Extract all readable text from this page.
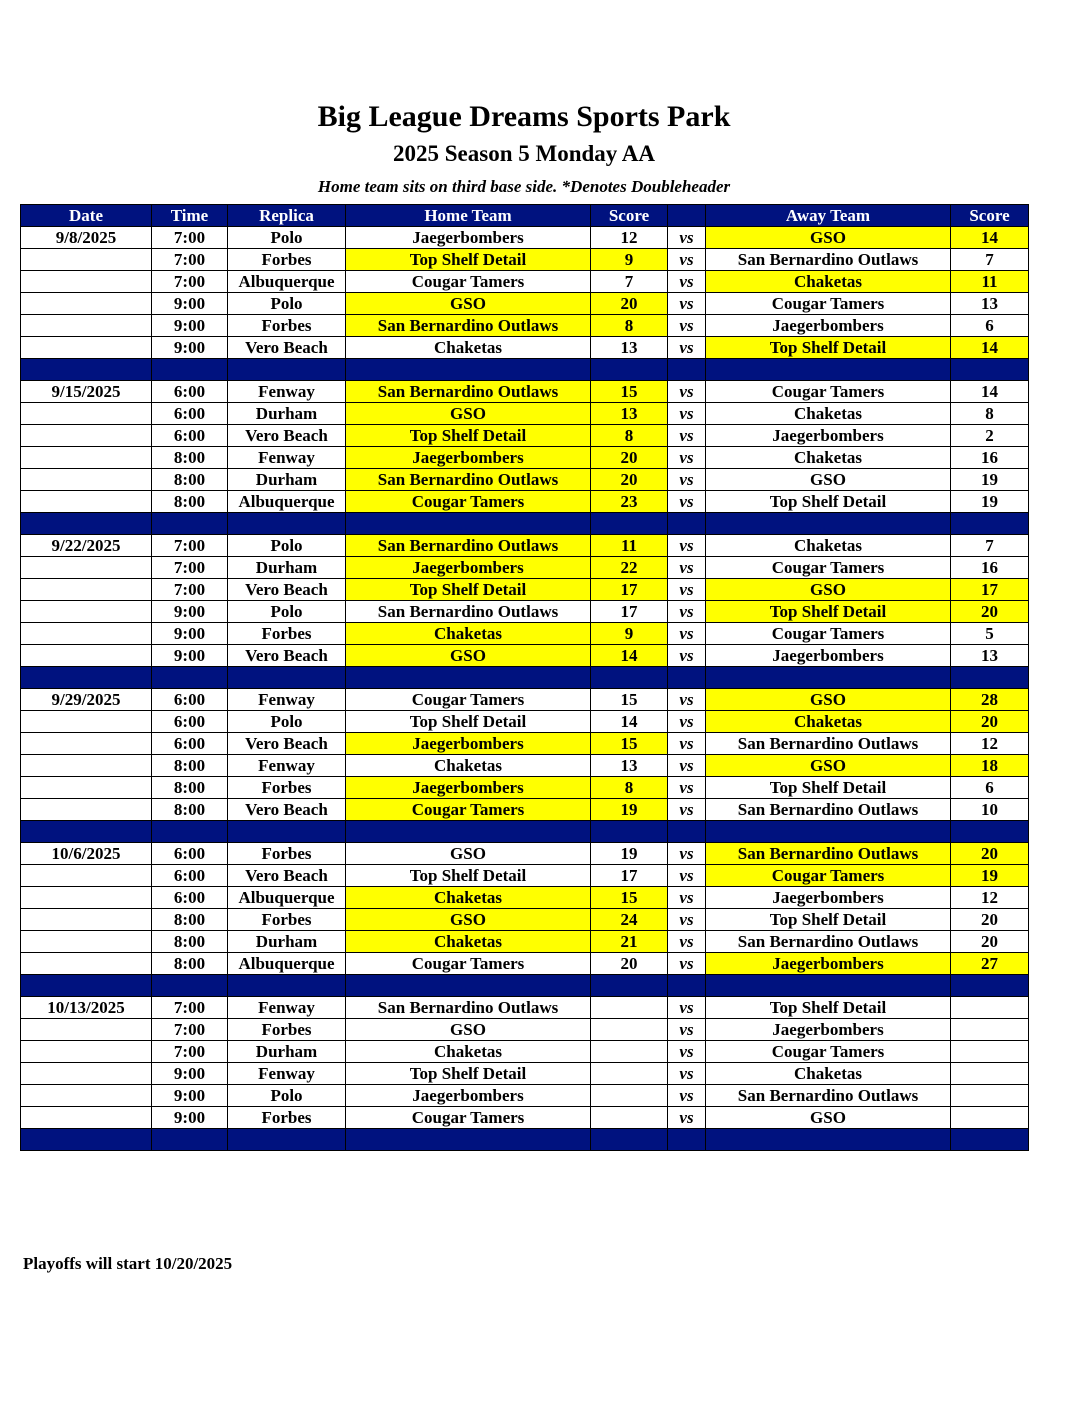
Big League Dreams Sports Park
2025 Season 5 Monday AA
Home team sits on third base side. *Denotes Doubleheader
Date	Time	Replica	Home Team	Score		Away Team	Score
9/8/2025	7:00	Polo	Jaegerbombers	12	vs	GSO	14
	7:00	Forbes	Top Shelf Detail	9	vs	San Bernardino Outlaws	7
	7:00	Albuquerque	Cougar Tamers	7	vs	Chaketas	11
	9:00	Polo	GSO	20	vs	Cougar Tamers	13
	9:00	Forbes	San Bernardino Outlaws	8	vs	Jaegerbombers	6
	9:00	Vero Beach	Chaketas	13	vs	Top Shelf Detail	14

9/15/2025	6:00	Fenway	San Bernardino Outlaws	15	vs	Cougar Tamers	14
	6:00	Durham	GSO	13	vs	Chaketas	8
	6:00	Vero Beach	Top Shelf Detail	8	vs	Jaegerbombers	2
	8:00	Fenway	Jaegerbombers	20	vs	Chaketas	16
	8:00	Durham	San Bernardino Outlaws	20	vs	GSO	19
	8:00	Albuquerque	Cougar Tamers	23	vs	Top Shelf Detail	19

9/22/2025	7:00	Polo	San Bernardino Outlaws	11	vs	Chaketas	7
	7:00	Durham	Jaegerbombers	22	vs	Cougar Tamers	16
	7:00	Vero Beach	Top Shelf Detail	17	vs	GSO	17
	9:00	Polo	San Bernardino Outlaws	17	vs	Top Shelf Detail	20
	9:00	Forbes	Chaketas	9	vs	Cougar Tamers	5
	9:00	Vero Beach	GSO	14	vs	Jaegerbombers	13

9/29/2025	6:00	Fenway	Cougar Tamers	15	vs	GSO	28
	6:00	Polo	Top Shelf Detail	14	vs	Chaketas	20
	6:00	Vero Beach	Jaegerbombers	15	vs	San Bernardino Outlaws	12
	8:00	Fenway	Chaketas	13	vs	GSO	18
	8:00	Forbes	Jaegerbombers	8	vs	Top Shelf Detail	6
	8:00	Vero Beach	Cougar Tamers	19	vs	San Bernardino Outlaws	10

10/6/2025	6:00	Forbes	GSO	19	vs	San Bernardino Outlaws	20
	6:00	Vero Beach	Top Shelf Detail	17	vs	Cougar Tamers	19
	6:00	Albuquerque	Chaketas	15	vs	Jaegerbombers	12
	8:00	Forbes	GSO	24	vs	Top Shelf Detail	20
	8:00	Durham	Chaketas	21	vs	San Bernardino Outlaws	20
	8:00	Albuquerque	Cougar Tamers	20	vs	Jaegerbombers	27

10/13/2025	7:00	Fenway	San Bernardino Outlaws		vs	Top Shelf Detail	
	7:00	Forbes	GSO		vs	Jaegerbombers	
	7:00	Durham	Chaketas		vs	Cougar Tamers	
	9:00	Fenway	Top Shelf Detail		vs	Chaketas	
	9:00	Polo	Jaegerbombers		vs	San Bernardino Outlaws	
	9:00	Forbes	Cougar Tamers		vs	GSO	

Playoffs will start 10/20/2025
